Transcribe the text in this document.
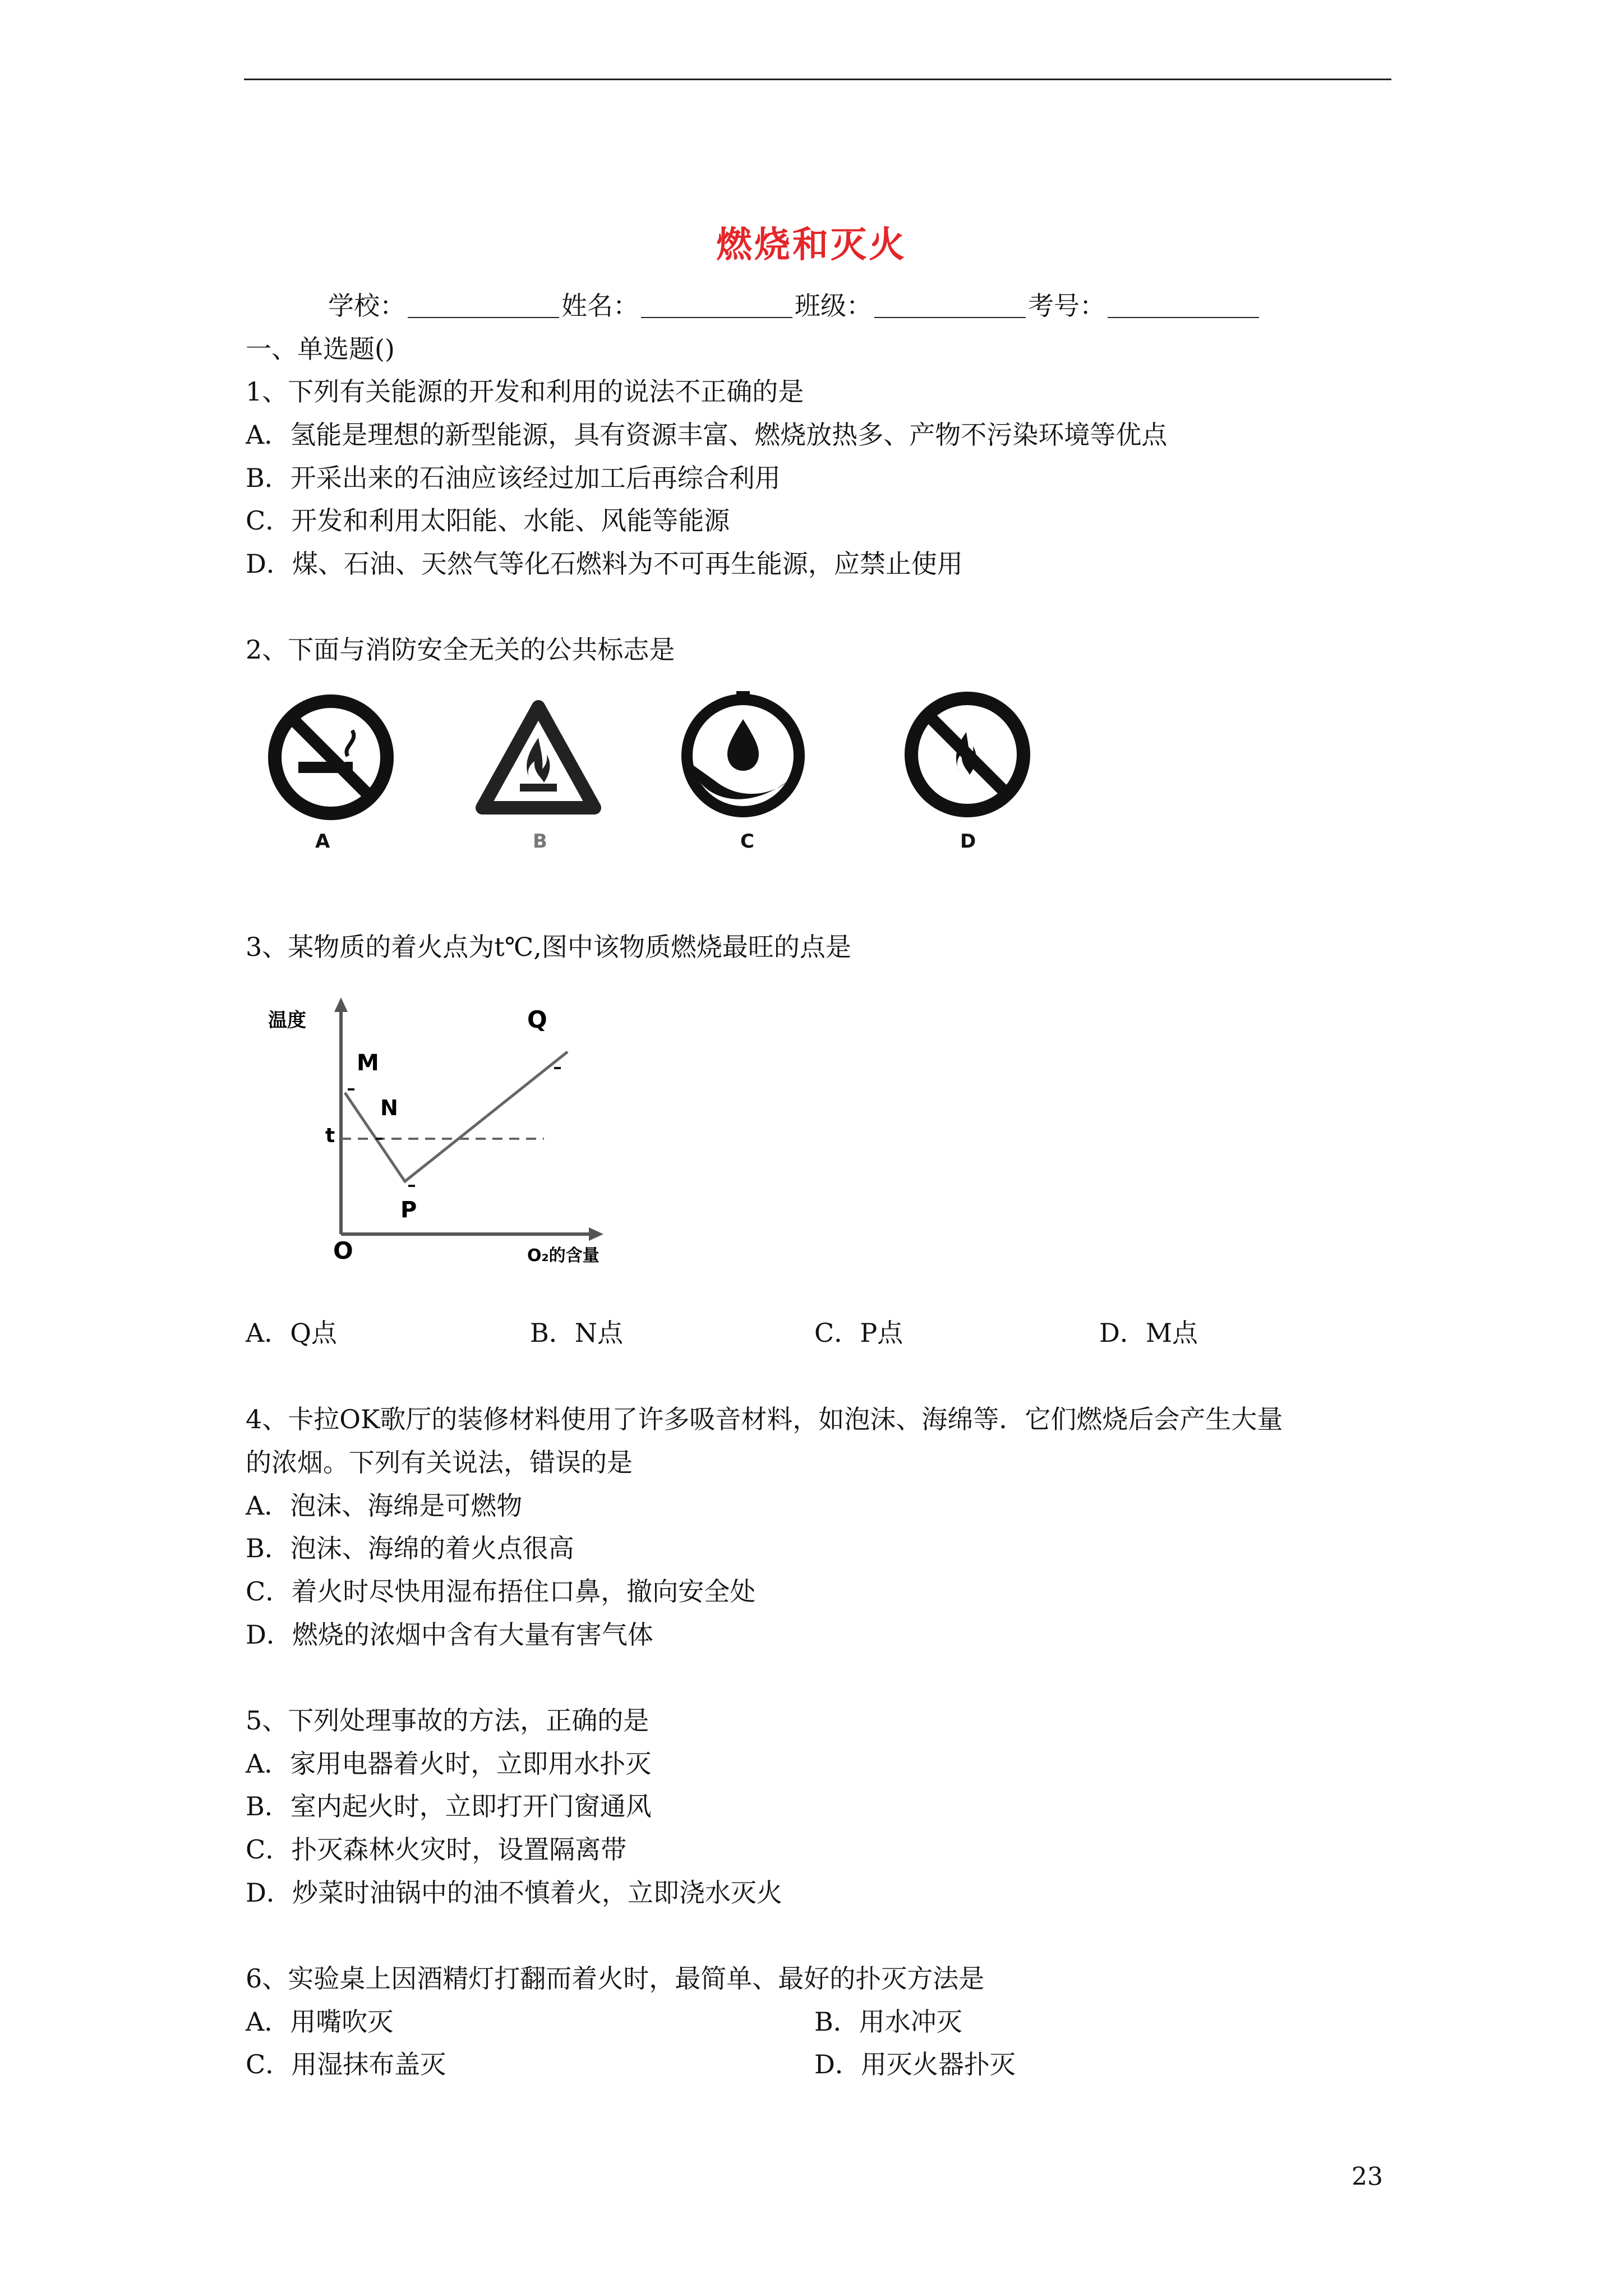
燃烧和灭火
学校：	姓名：	班级：	考号：
一、单选题()
1、下列有关能源的开发和利用的说法不正确的是
A．氢能是理想的新型能源，具有资源丰富、燃烧放热多、产物不污染环境等优点
B．开采出来的石油应该经过加工后再综合利用
C．开发和利用太阳能、水能、风能等能源
D．煤、石油、天然气等化石燃料为不可再生能源，应禁止使用
2、下面与消防安全无关的公共标志是
A	B	C	D
3、某物质的着火点为t℃,图中该物质燃烧最旺的点是
温度
t
O	O₂的含量
M
N
P
Q
A．Q点	B．N点	C．P点	D．M点
4、卡拉OK歌厅的装修材料使用了许多吸音材料，如泡沫、海绵等．它们燃烧后会产生大量
的浓烟。下列有关说法，错误的是
A．泡沫、海绵是可燃物
B．泡沫、海绵的着火点很高
C．着火时尽快用湿布捂住口鼻，撤向安全处
D．燃烧的浓烟中含有大量有害气体
5、下列处理事故的方法，正确的是
A．家用电器着火时，立即用水扑灭
B．室内起火时，立即打开门窗通风
C．扑灭森林火灾时，设置隔离带
D．炒菜时油锅中的油不慎着火，立即浇水灭火
6、实验桌上因酒精灯打翻而着火时，最简单、最好的扑灭方法是
A．用嘴吹灭	B．用水冲灭
C．用湿抹布盖灭	D．用灭火器扑灭
23
